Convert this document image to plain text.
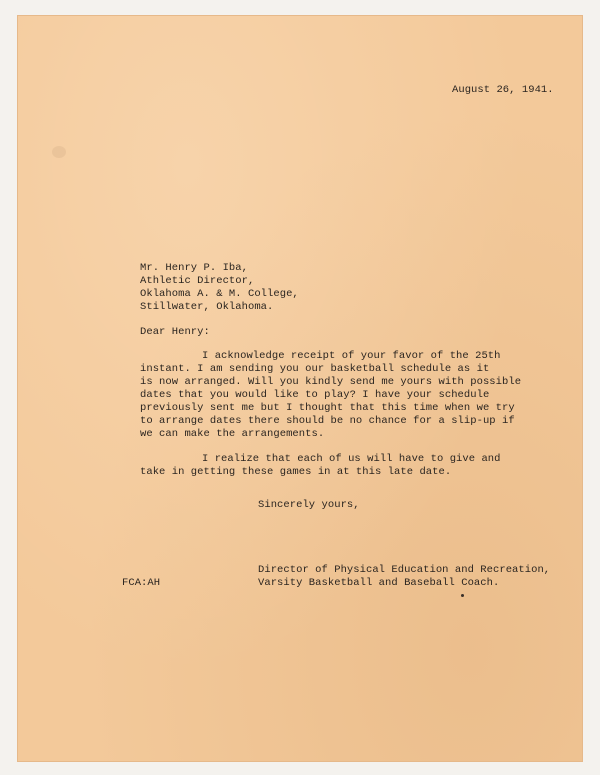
August 26, 1941.
Mr. Henry P. Iba,
Athletic Director,
Oklahoma A. & M. College,
Stillwater, Oklahoma.
Dear Henry:
I acknowledge receipt of your favor of the 25th
instant. I am sending you our basketball schedule as it
is now arranged. Will you kindly send me yours with possible
dates that you would like to play? I have your schedule
previously sent me but I thought that this time when we try
to arrange dates there should be no chance for a slip-up if
we can make the arrangements.
I realize that each of us will have to give and
take in getting these games in at this late date.
Sincerely yours,
Director of Physical Education and Recreation,
Varsity Basketball and Baseball Coach.
FCA:AH
